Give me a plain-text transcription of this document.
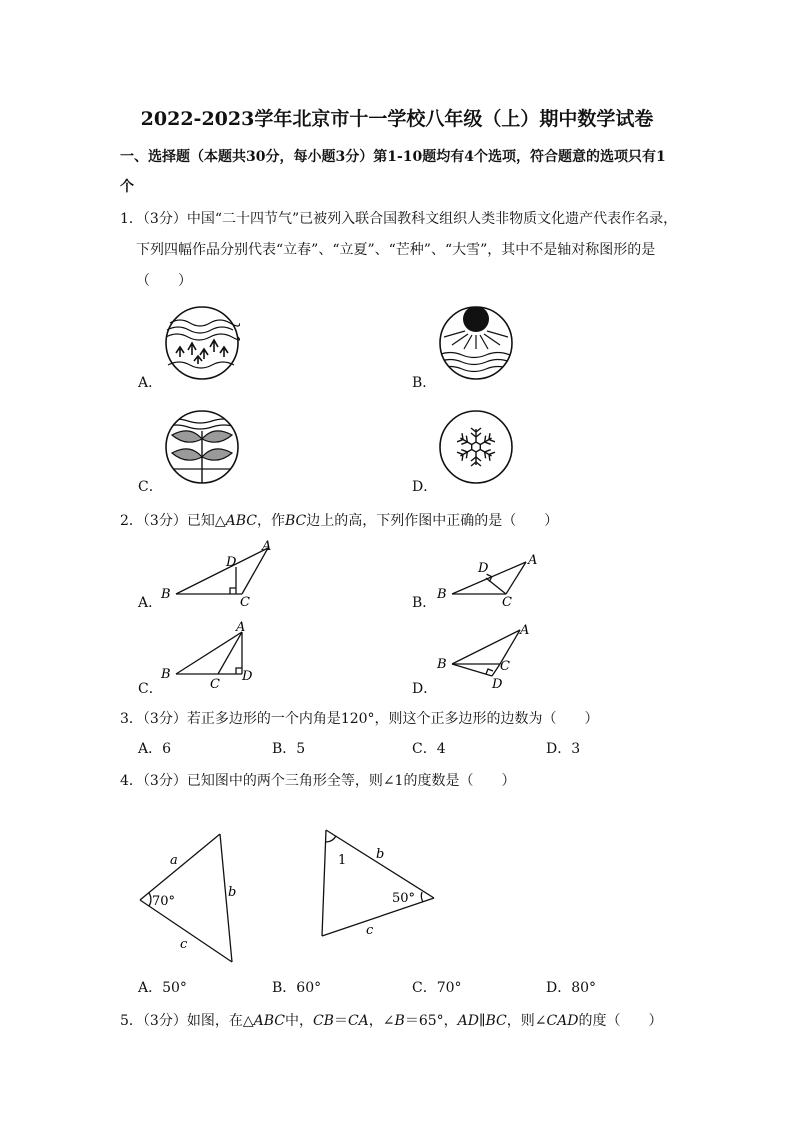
2022-2023学年北京市十一学校八年级（上）期中数学试卷
一、选择题（本题共30分，每小题3分）第1-10题均有4个选项，符合题意的选项只有1
个
1．（3分）中国“二十四节气”已被列入联合国教科文组织人类非物质文化遗产代表作名录，
下列四幅作品分别代表“立春”、“立夏”、“芒种”、“大雪”，其中不是轴对称图形的是
（　　）
A．	B．
C．	D．
2．（3分）已知△ABC，作BC边上的高，下列作图中正确的是（　　）
A．	B．
C．	D．
B
C
A
D
B
C
A
D
B
C
A
D
B	C
A
D
3．（3分）若正多边形的一个内角是120°，则这个正多边形的边数为（　　）
A．6	B．5	C．4	D．3
4．（3分）已知图中的两个三角形全等，则∠1的度数是（　　）
a
b
c
70°
1 b
50°
c
A．50°	B．60°	C．70°	D．80°
5．（3分）如图，在△ABC中，CB＝CA，∠B＝65°，AD∥BC，则∠CAD的度（　　）
